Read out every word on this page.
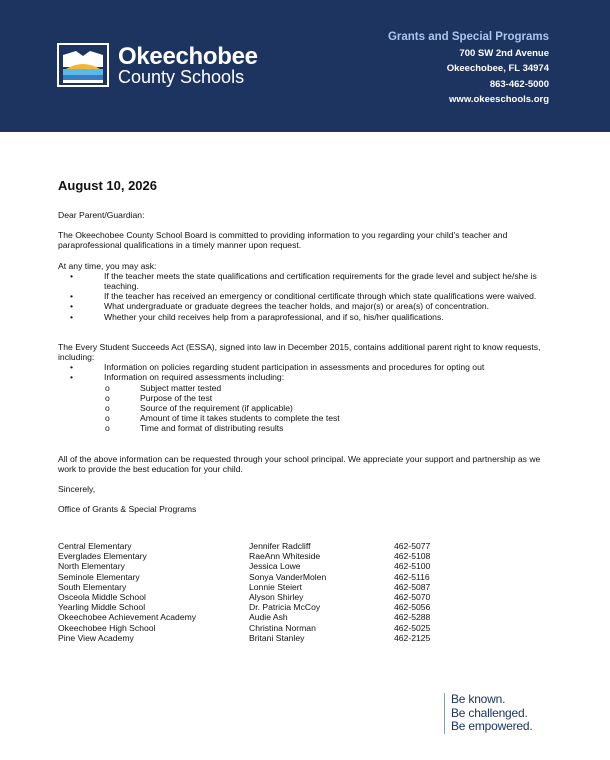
Okeechobee
County Schools
Grants and Special Programs
700 SW 2nd Avenue
Okeechobee, FL 34974
863-462-5000
www.okeeschools.org
August 10, 2026

Dear Parent/Guardian:

The Okeechobee County School Board is committed to providing information to you regarding your child’s teacher and paraprofessional qualifications in a timely manner upon request.

At any time, you may ask:

•	If the teacher meets the state qualifications and certification requirements for the grade level and subject he/she is teaching.
•	If the teacher has received an emergency or conditional certificate through which state qualifications were waived.
•	What undergraduate or graduate degrees the teacher holds, and major(s) or area(s) of concentration.
•	Whether your child receives help from a paraprofessional, and if so, his/her qualifications.

The Every Student Succeeds Act (ESSA), signed into law in December 2015, contains additional parent right to know requests, including:

•	Information on policies regarding student participation in assessments and procedures for opting out
•	Information on required assessments including:
o	Subject matter tested
o	Purpose of the test
o	Source of the requirement (if applicable)
o	Amount of time it takes students to complete the test
o	Time and format of distributing results

All of the above information can be requested through your school principal. We appreciate your support and partnership as we work to provide the best education for your child.

Sincerely,

Office of Grants & Special Programs

Central Elementary	Jennifer Radcliff	462-5077
Everglades Elementary	RaeAnn Whiteside	462-5108
North Elementary	Jessica Lowe	462-5100
Seminole Elementary	Sonya VanderMolen	462-5116
South Elementary	Lonnie Steiert	462-5087
Osceola Middle School	Alyson Shirley	462-5070
Yearling Middle School	Dr. Patricia McCoy	462-5056
Okeechobee Achievement Academy	Audie Ash	462-5288
Okeechobee High School	Christina Norman	462-5025
Pine View Academy	Britani Stanley	462-2125
Be known.
Be challenged.
Be empowered.
